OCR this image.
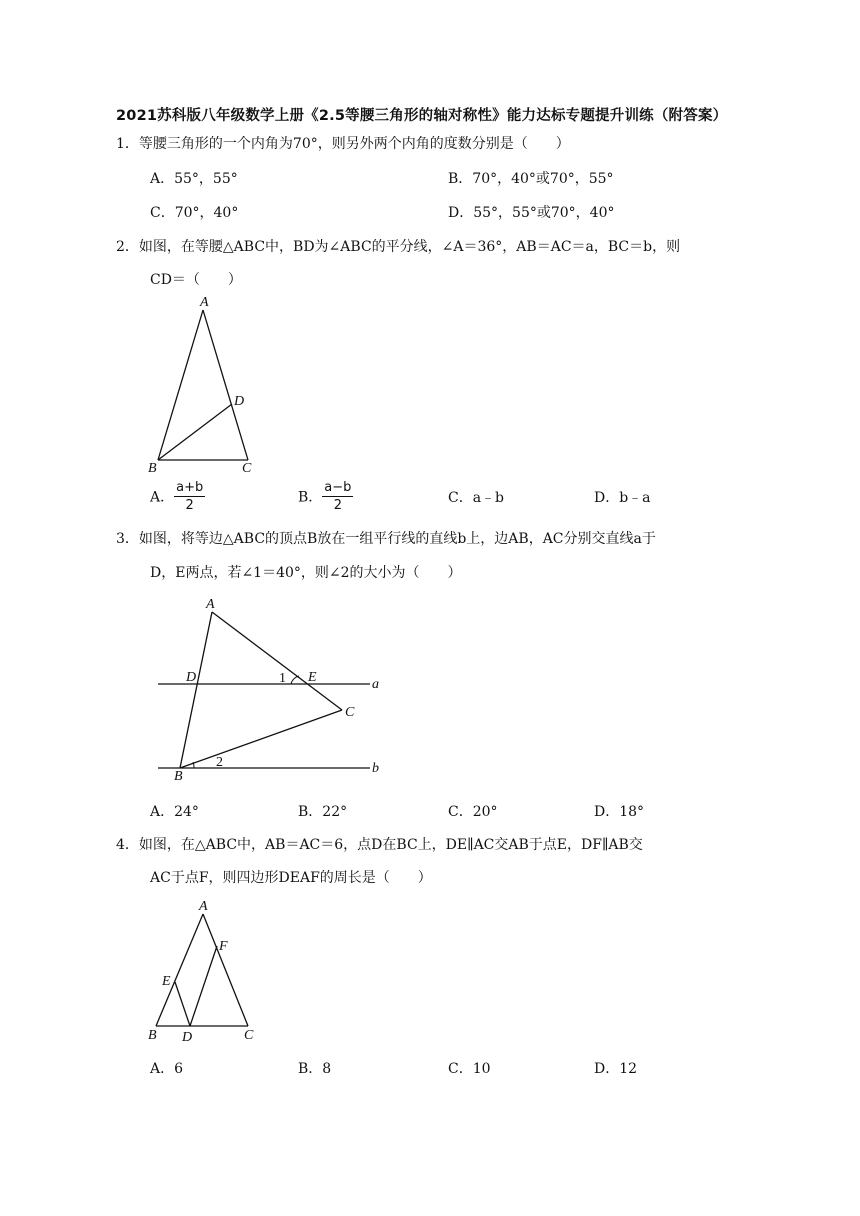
2021苏科版八年级数学上册《2.5等腰三角形的轴对称性》能力达标专题提升训练（附答案）
1．等腰三角形的一个内角为70°，则另外两个内角的度数分别是（　　）
A．55°，55°	B．70°，40°或70°，55°
C．70°，40°	D．55°，55°或70°，40°
2．如图，在等腰△ABC中，BD为∠ABC的平分线，∠A＝36°，AB＝AC＝a，BC＝b，则
CD＝（　　）
A
D
B	C
A． $\frac{a+b}{2}$	B． $\frac{a-b}{2}$	C．a﹣b	D．b﹣a
3．如图，将等边△ABC的顶点B放在一组平行线的直线b上，边AB，AC分别交直线a于
D，E两点，若∠1＝40°，则∠2的大小为（　　）
A
D	E
C
B
a
b
1
2
A．24°	B．22°	C．20°	D．18°
4．如图，在△ABC中，AB＝AC＝6，点D在BC上，DE∥AC交AB于点E，DF∥AB交
AC于点F，则四边形DEAF的周长是（　　）
A
F
E
B D	C
A．6	B．8	C．10	D．12
